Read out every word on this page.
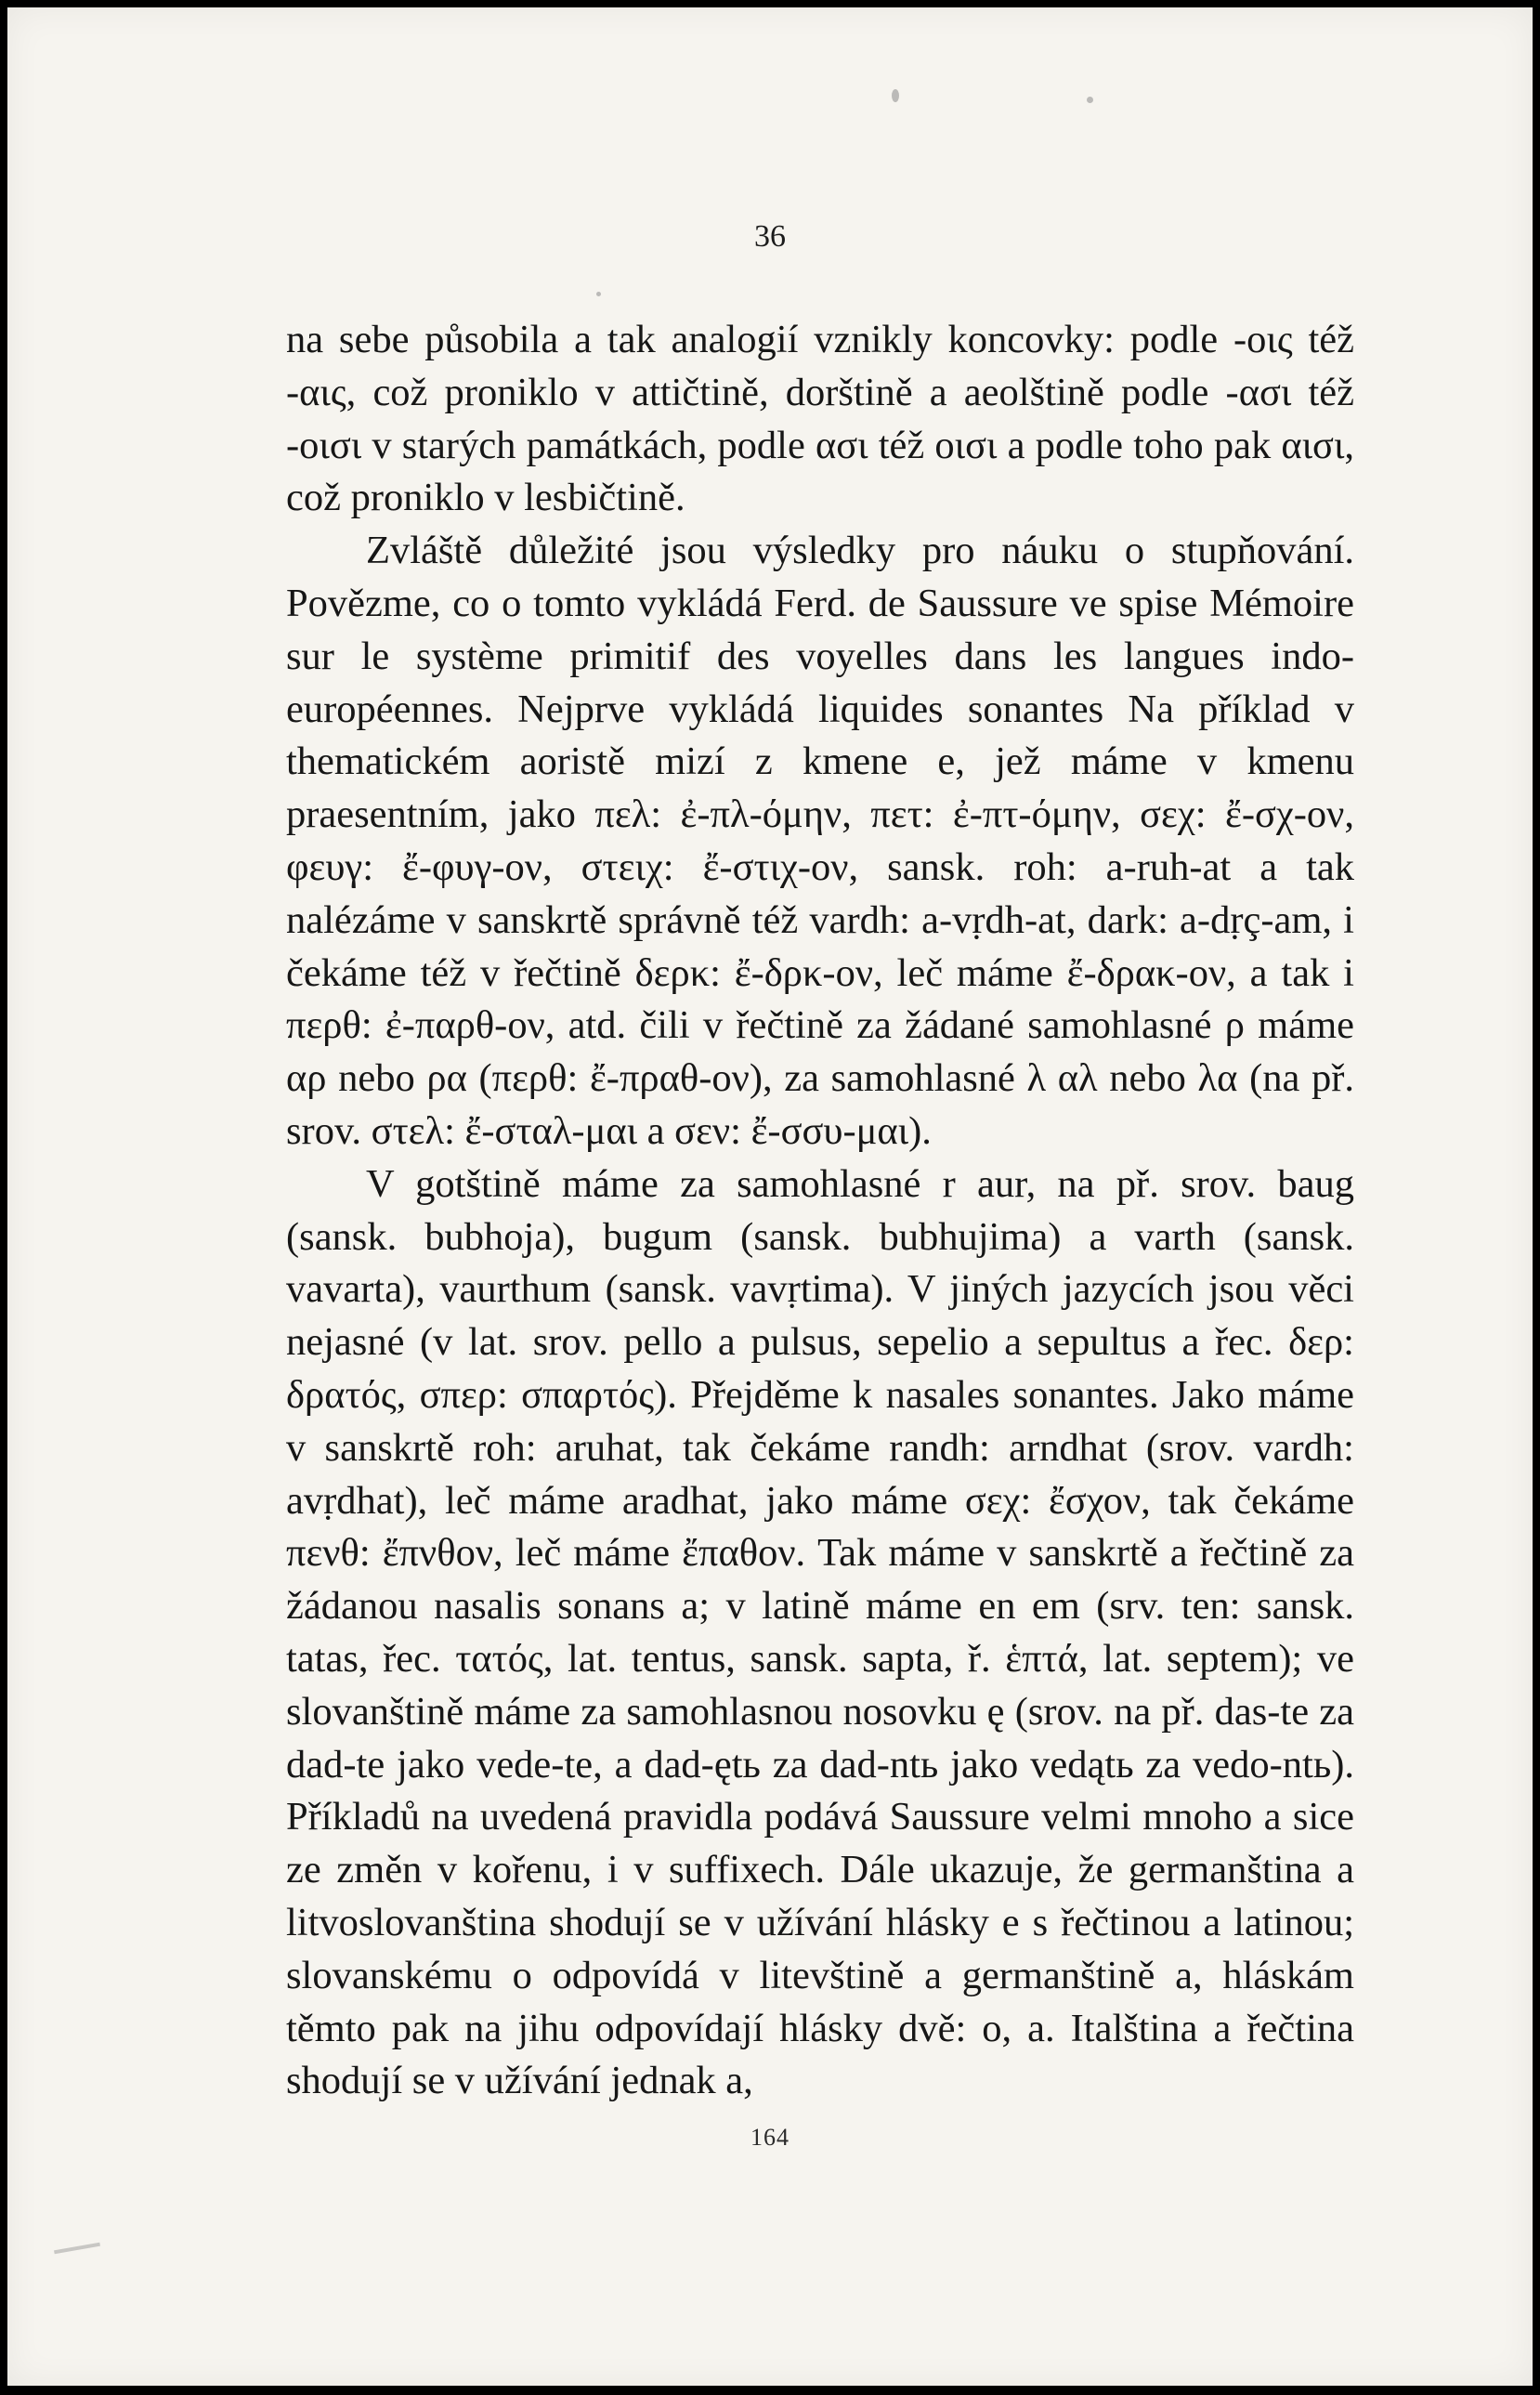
36

na sebe působila a tak analogií vznikly koncovky: podle -οις též -αις, což proniklo v attičtině, dorštině a aeolštině podle -ασι též -οισι v starých památkách, podle ασι též οισι a podle toho pak αισι, což proniklo v lesbičtině.

Zvláště důležité jsou výsledky pro náuku o stupňování. Povězme, co o tomto vykládá Ferd. de Saussure ve spise Mémoire sur le système primitif des voyelles dans les langues indo-européennes. Nejprve vykládá liquides sonantes Na příklad v thematickém aoristě mizí z kmene e, jež máme v kmenu praesentním, jako πελ: ἐ-πλ-όμην, πετ: ἐ-πτ-όμην, σεχ: ἔ-σχ-ον, φευγ: ἔ-φυγ-ον, στειχ: ἔ-στιχ-ον, sansk. roh: a-ruh-at a tak nalézáme v sanskrtě správně též vardh: a-vṛdh-at, dark: a-dṛç-am, i čekáme též v řečtině δερκ: ἔ-δρκ-ον, leč máme ἔ-δρακ-ον, a tak i περθ: ἐ-παρθ-ον, atd. čili v řečtině za žádané samohlasné ρ máme αρ nebo ρα (περθ: ἔ-πραθ-ον), za samohlasné λ αλ nebo λα (na př. srov. στελ: ἔ-σταλ-μαι a σεν: ἔ-σσυ-μαι).

V gotštině máme za samohlasné r aur, na př. srov. baug (sansk. bubhoja), bugum (sansk. bubhujima) a varth (sansk. vavarta), vaurthum (sansk. vavṛtima). V jiných jazycích jsou věci nejasné (v lat. srov. pello a pulsus, sepelio a sepultus a řec. δερ: δρατός, σπερ: σπαρτός). Přejděme k nasales sonantes. Jako máme v sanskrtě roh: aruhat, tak čekáme randh: arndhat (srov. vardh: avṛdhat), leč máme aradhat, jako máme σεχ: ἔσχον, tak čekáme πενθ: ἔπνθον, leč máme ἔπαθον. Tak máme v sanskrtě a řečtině za žádanou nasalis sonans a; v latině máme en em (srv. ten: sansk. tatas, řec. τατός, lat. tentus, sansk. sapta, ř. ἑπτά, lat. septem); ve slovanštině máme za samohlasnou nosovku ę (srov. na př. das-te za dad-te jako vede-te, a dad-ętь za dad-ntь jako vedątь za vedo-ntь). Příkladů na uvedená pravidla podává Saussure velmi mnoho a sice ze změn v kořenu, i v suffixech. Dále ukazuje, že germanština a litvoslovanština shodují se v užívání hlásky e s řečtinou a latinou; slovanskému o odpovídá v litevštině a germanštině a, hláskám těmto pak na jihu odpovídají hlásky dvě: o, a. Italština a řečtina shodují se v užívání jednak a,

164
